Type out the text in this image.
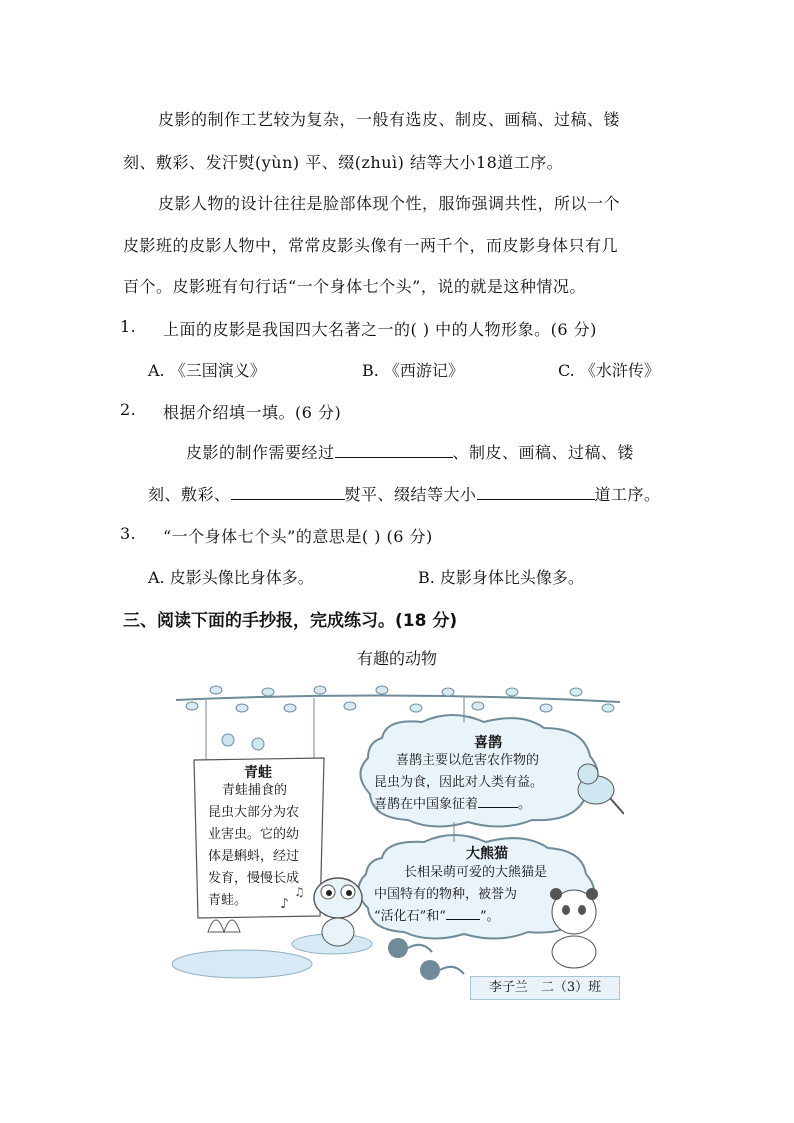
皮影的制作工艺较为复杂，一般有选皮、制皮、画稿、过稿、镂
刻、敷彩、发汗熨(yùn) 平、缀(zhuì) 结等大小18道工序。
皮影人物的设计往往是脸部体现个性，服饰强调共性，所以一个
皮影班的皮影人物中，常常皮影头像有一两千个，而皮影身体只有几
百个。皮影班有句行话“一个身体七个头”，说的就是这种情况。
1. 上面的皮影是我国四大名著之一的( ) 中的人物形象。(6 分)
A. 《三国演义》	B. 《西游记》	C. 《水浒传》
2. 根据介绍填一填。(6 分)
皮影的制作需要经过	、制皮、画稿、过稿、镂
刻、敷彩、	熨平、缀结等大小	道工序。
3. “一个身体七个头”的意思是( ) (6 分)
A. 皮影头像比身体多。	B. 皮影身体比头像多。
三、阅读下面的手抄报，完成练习。(18 分)
有趣的动物
♪
♫
青蛙
青蛙捕食的
昆虫大部分为农
业害虫。它的幼
体是蝌蚪，经过
发育，慢慢长成
青蛙。
喜鹊
喜鹊主要以危害农作物的
昆虫为食，因此对人类有益。
喜鹊在中国象征着	。
大熊猫
长相呆萌可爱的大熊猫是
中国特有的物种，被誉为
“活化石”和“	”。
李子兰　二（3）班
